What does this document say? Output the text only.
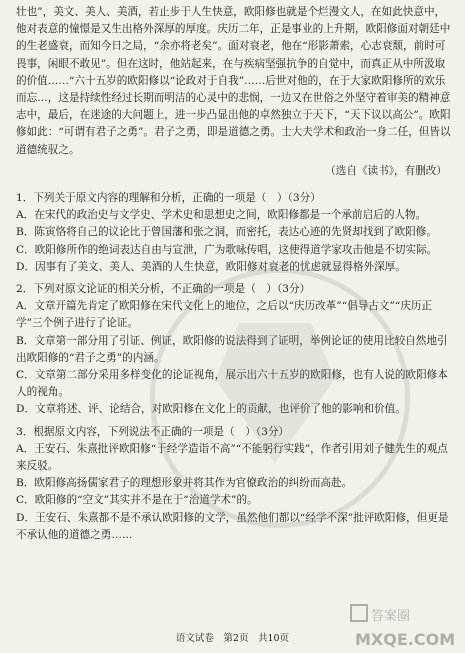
壮也”，美文、美人、美酒，若止步于人生快意，欧阳修也就是个烂漫文人，在如此快意中，他对表意的憧憬是又生出格外深厚的厚度。庆历二年，正是事业的上升期，欧阳修面对朝廷中的生老盛衰，而知今日之局，“余亦将老矣”。面对衰老，他在“形影萧索，心志衰颓，前时可畏事，闲眼不敢见”。但在这时，他站起来，在与疾病坚强抗争的自觉中，而真正从中所汲取的价值……“六十五岁的欧阳修以“论政对于自我”……后世对他的，在于大家欧阳修所的欢乐而忘…，这是持续性经过长期而明洁的心灵中的悲悯，一边又在世俗之外坚守着审美的精神意志中，最后，在迷途的大问题上，进一步凸显出他的卓然独立于天下，“天下议以高公”。欧阳修如此：“可谓有君子之勇”。君子之勇，即是道德之勇。士大夫学术和政治一身二任，但皆以道德统驭之。

（选自《读书》，有删改）

1．下列关于原文内容的理解和分析，正确的一项是（　）（3分）

A．在宋代的政治史与文学史、学术史和思想史之间，欧阳修都是一个承前启后的人物。

B．陈寅恪将自己的议论比于曾国藩和张之洞，而密托，表达心迹的先贤却找到了欧阳修。

C．欧阳修所作的绝词表达自由与宣泄，广为歌咏传唱，这使得道学家攻击他是不切实际。

D．因事有了美文、美人、美酒的人生快意，欧阳修对衰老的忧虑就显得格外深厚。

2．下列对原文论证的相关分析，不正确的一项是（　）（3分）

A．文章开篇先肯定了欧阳修在宋代文化上的地位，之后以“庆历改革”“倡导古文”“庆历正学”三个例子进行了论证。

B．文章第一部分用了引证、例证，欧阳修的说法得到了证明，举例论证的使用比较自然地引出欧阳修的“君子之勇”的内涵。

C．文章第二部分采用多样变化的论证视角，展示出六十五岁的欧阳修，也有人说的欧阳修本人的视角。

D．文章将述、评、论结合，对欧阳修在文化上的贡献，也评价了他的影响和价值。

3．根据原文内容，下列说法不正确的一项是（　）（3分）

A．王安石、朱熹批评欧阳修“于经学造诣不高”“不能躬行实践”，作者引用刘子健先生的观点来反驳。

B．欧阳修高扬儒家君子的理想形象并将其作为官僚政治的纠纷而高赴。

C．欧阳修的“空文”其实并不是在于“治道学术”的。

D．王安石、朱熹都不是不承认欧阳修的文学，虽然他们都以“经学不深”批评欧阳修，但更是不承认他的道德之勇……

答案圈
MXQE.COM
语文试卷　第2页　共10页
